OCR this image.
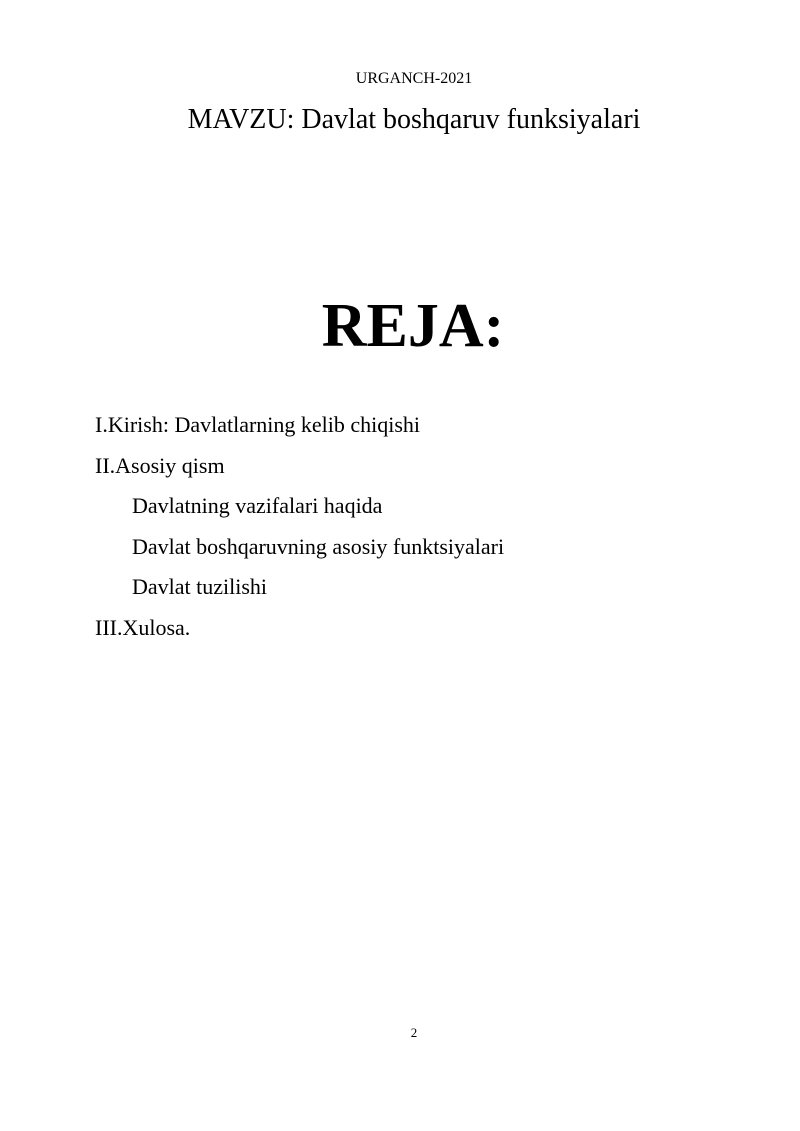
URGANCH-2021
MAVZU: Davlat boshqaruv funksiyalari
REJA:
I.Kirish: Davlatlarning kelib chiqishi
II.Asosiy qism
Davlatning vazifalari haqida
Davlat boshqaruvning asosiy funktsiyalari
Davlat tuzilishi
III.Xulosa.
2
